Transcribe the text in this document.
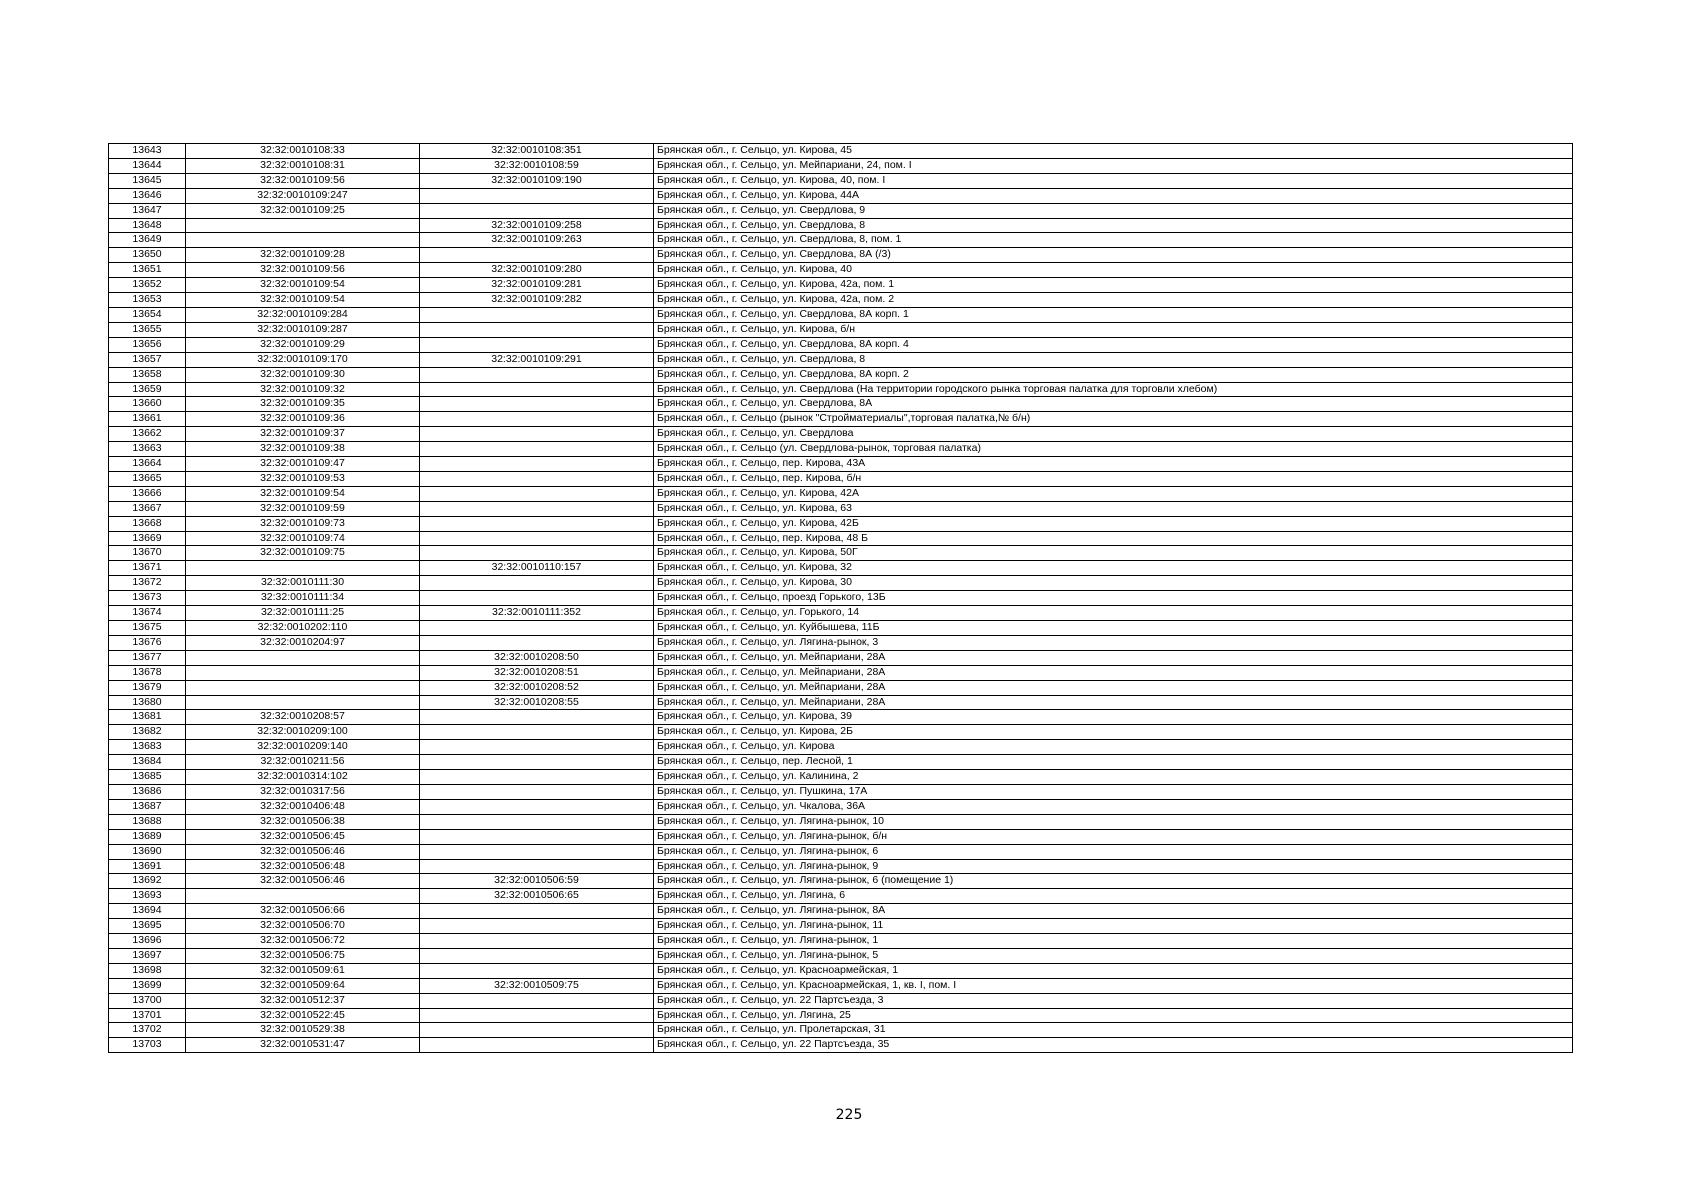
13643	32:32:0010108:33	32:32:0010108:351	Брянская обл., г. Сельцо, ул. Кирова, 45
13644	32:32:0010108:31	32:32:0010108:59	Брянская обл., г. Сельцо, ул. Мейпариани, 24, пом. I
13645	32:32:0010109:56	32:32:0010109:190	Брянская обл., г. Сельцо, ул. Кирова, 40, пом. I
13646	32:32:0010109:247		Брянская обл., г. Сельцо, ул. Кирова, 44А
13647	32:32:0010109:25		Брянская обл., г. Сельцо, ул. Свердлова, 9
13648		32:32:0010109:258	Брянская обл., г. Сельцо, ул. Свердлова, 8
13649		32:32:0010109:263	Брянская обл., г. Сельцо, ул. Свердлова, 8, пом. 1
13650	32:32:0010109:28		Брянская обл., г. Сельцо, ул. Свердлова, 8А (/3)
13651	32:32:0010109:56	32:32:0010109:280	Брянская обл., г. Сельцо, ул. Кирова, 40
13652	32:32:0010109:54	32:32:0010109:281	Брянская обл., г. Сельцо, ул. Кирова, 42а, пом. 1
13653	32:32:0010109:54	32:32:0010109:282	Брянская обл., г. Сельцо, ул. Кирова, 42а, пом. 2
13654	32:32:0010109:284		Брянская обл., г. Сельцо, ул. Свердлова, 8А корп. 1
13655	32:32:0010109:287		Брянская обл., г. Сельцо, ул. Кирова, б/н
13656	32:32:0010109:29		Брянская обл., г. Сельцо, ул. Свердлова, 8А корп. 4
13657	32:32:0010109:170	32:32:0010109:291	Брянская обл., г. Сельцо, ул. Свердлова, 8
13658	32:32:0010109:30		Брянская обл., г. Сельцо, ул. Свердлова, 8А корп. 2
13659	32:32:0010109:32		Брянская обл., г. Сельцо, ул. Свердлова (На территории городского рынка торговая палатка для торговли хлебом)
13660	32:32:0010109:35		Брянская обл., г. Сельцо, ул. Свердлова, 8А
13661	32:32:0010109:36		Брянская обл., г. Сельцо (рынок "Стройматериалы",торговая палатка,№ б/н)
13662	32:32:0010109:37		Брянская обл., г. Сельцо, ул. Свердлова
13663	32:32:0010109:38		Брянская обл., г. Сельцо (ул. Свердлова-рынок, торговая палатка)
13664	32:32:0010109:47		Брянская обл., г. Сельцо, пер. Кирова, 43А
13665	32:32:0010109:53		Брянская обл., г. Сельцо, пер. Кирова, б/н
13666	32:32:0010109:54		Брянская обл., г. Сельцо, ул. Кирова, 42А
13667	32:32:0010109:59		Брянская обл., г. Сельцо, ул. Кирова, 63
13668	32:32:0010109:73		Брянская обл., г. Сельцо, ул. Кирова, 42Б
13669	32:32:0010109:74		Брянская обл., г. Сельцо, пер. Кирова, 48 Б
13670	32:32:0010109:75		Брянская обл., г. Сельцо, ул. Кирова, 50Г
13671		32:32:0010110:157	Брянская обл., г. Сельцо, ул. Кирова, 32
13672	32:32:0010111:30		Брянская обл., г. Сельцо, ул. Кирова, 30
13673	32:32:0010111:34		Брянская обл., г. Сельцо, проезд Горького, 13Б
13674	32:32:0010111:25	32:32:0010111:352	Брянская обл., г. Сельцо, ул. Горького, 14
13675	32:32:0010202:110		Брянская обл., г. Сельцо, ул. Куйбышева, 11Б
13676	32:32:0010204:97		Брянская обл., г. Сельцо, ул. Лягина-рынок, 3
13677		32:32:0010208:50	Брянская обл., г. Сельцо, ул. Мейпариани, 28А
13678		32:32:0010208:51	Брянская обл., г. Сельцо, ул. Мейпариани, 28А
13679		32:32:0010208:52	Брянская обл., г. Сельцо, ул. Мейпариани, 28А
13680		32:32:0010208:55	Брянская обл., г. Сельцо, ул. Мейпариани, 28А
13681	32:32:0010208:57		Брянская обл., г. Сельцо, ул. Кирова, 39
13682	32:32:0010209:100		Брянская обл., г. Сельцо, ул. Кирова, 2Б
13683	32:32:0010209:140		Брянская обл., г. Сельцо, ул. Кирова
13684	32:32:0010211:56		Брянская обл., г. Сельцо, пер. Лесной, 1
13685	32:32:0010314:102		Брянская обл., г. Сельцо, ул. Калинина, 2
13686	32:32:0010317:56		Брянская обл., г. Сельцо, ул. Пушкина, 17А
13687	32:32:0010406:48		Брянская обл., г. Сельцо, ул. Чкалова, 36А
13688	32:32:0010506:38		Брянская обл., г. Сельцо, ул. Лягина-рынок, 10
13689	32:32:0010506:45		Брянская обл., г. Сельцо, ул. Лягина-рынок, б/н
13690	32:32:0010506:46		Брянская обл., г. Сельцо, ул. Лягина-рынок, 6
13691	32:32:0010506:48		Брянская обл., г. Сельцо, ул. Лягина-рынок, 9
13692	32:32:0010506:46	32:32:0010506:59	Брянская обл., г. Сельцо, ул. Лягина-рынок, 6 (помещение 1)
13693		32:32:0010506:65	Брянская обл., г. Сельцо, ул. Лягина, 6
13694	32:32:0010506:66		Брянская обл., г. Сельцо, ул. Лягина-рынок, 8А
13695	32:32:0010506:70		Брянская обл., г. Сельцо, ул. Лягина-рынок, 11
13696	32:32:0010506:72		Брянская обл., г. Сельцо, ул. Лягина-рынок, 1
13697	32:32:0010506:75		Брянская обл., г. Сельцо, ул. Лягина-рынок, 5
13698	32:32:0010509:61		Брянская обл., г. Сельцо, ул. Красноармейская, 1
13699	32:32:0010509:64	32:32:0010509:75	Брянская обл., г. Сельцо, ул. Красноармейская, 1, кв. I, пом. I
13700	32:32:0010512:37		Брянская обл., г. Сельцо, ул. 22 Партсъезда, 3
13701	32:32:0010522:45		Брянская обл., г. Сельцо, ул. Лягина, 25
13702	32:32:0010529:38		Брянская обл., г. Сельцо, ул. Пролетарская, 31
13703	32:32:0010531:47		Брянская обл., г. Сельцо, ул. 22 Партсъезда, 35
225
